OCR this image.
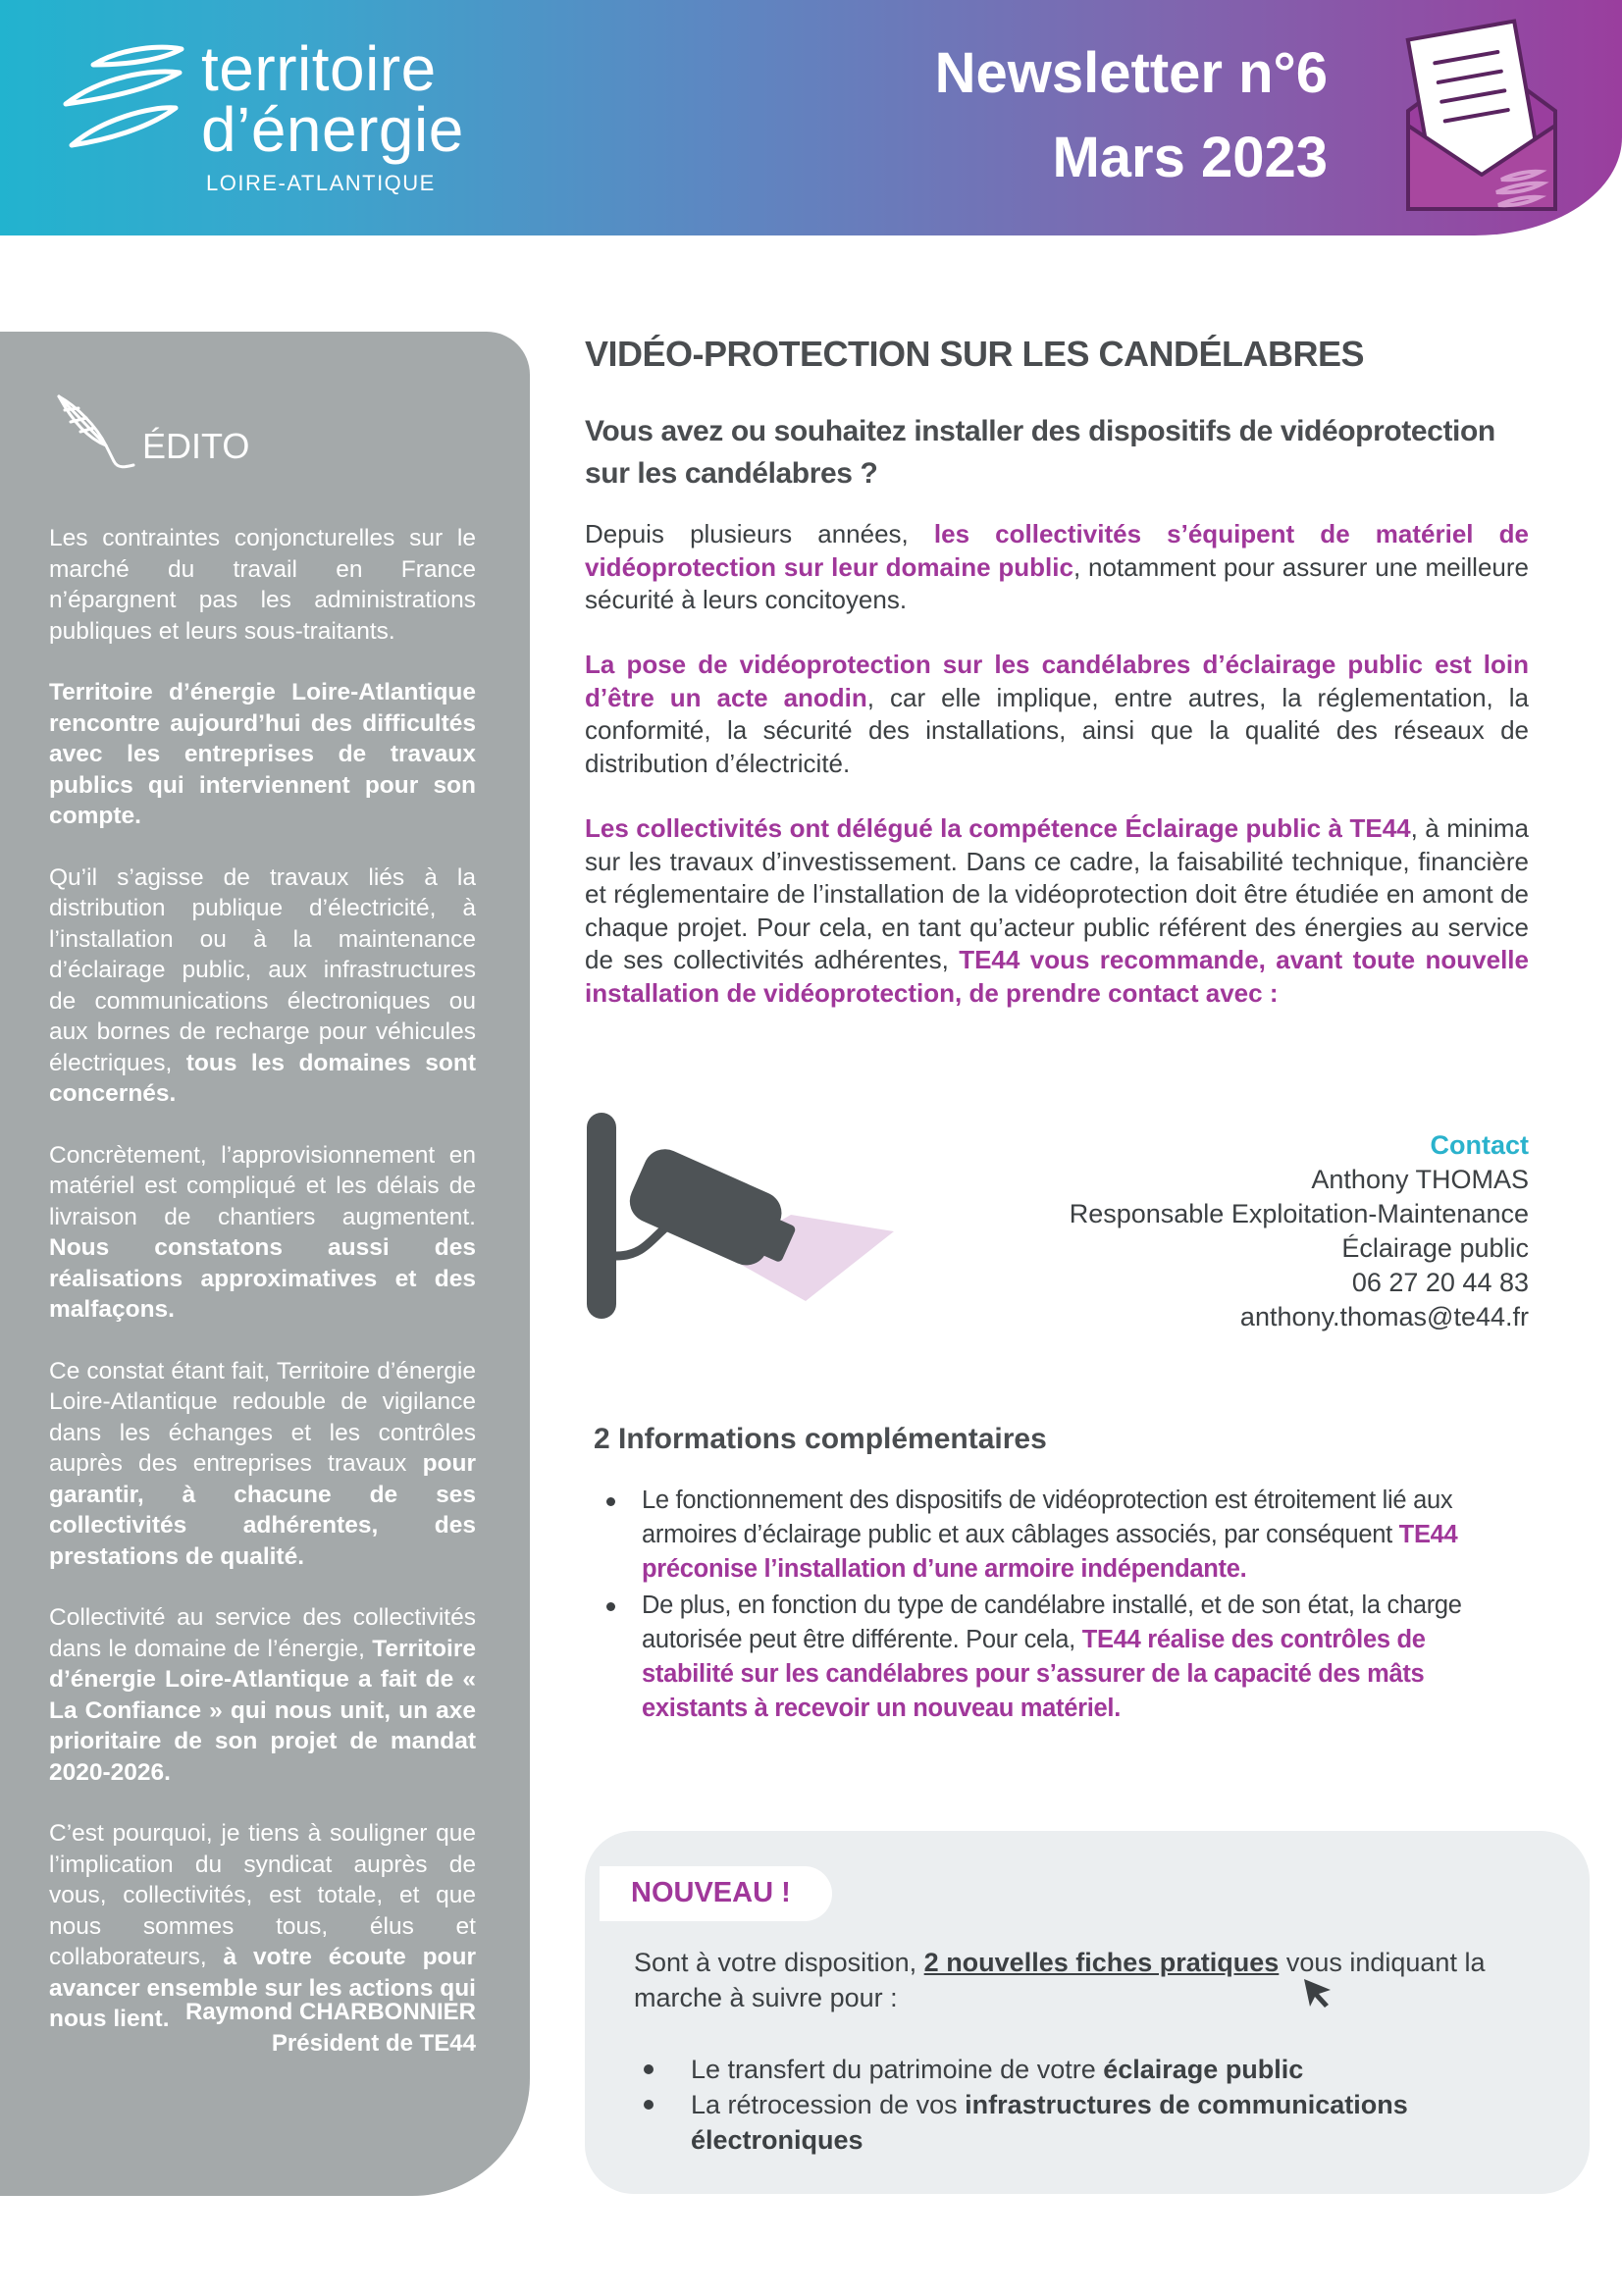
territoire
d’énergie
LOIRE-ATLANTIQUE
Newsletter n°6
Mars 2023
ÉDITO

Les contraintes conjoncturelles sur le marché du travail en France n’épargnent pas les administrations publiques et leurs sous-traitants.

Territoire d’énergie Loire-Atlantique rencontre aujourd’hui des difficultés avec les entreprises de travaux publics qui interviennent pour son compte.

Qu’il s’agisse de travaux liés à la distribution publique d’électricité, à l’installation ou à la maintenance d’éclairage public, aux infrastructures de communications électroniques ou aux bornes de recharge pour véhicules électriques, tous les domaines sont concernés.

Concrètement, l’approvisionnement en matériel est compliqué et les délais de livraison de chantiers augmentent. Nous constatons aussi des réalisations approximatives et des malfaçons.

Ce constat étant fait, Territoire d’énergie Loire-Atlantique redouble de vigilance dans les échanges et les contrôles auprès des entreprises travaux pour garantir, à chacune de ses collectivités adhérentes, des prestations de qualité.

Collectivité au service des collectivités dans le domaine de l’énergie, Territoire d’énergie Loire-Atlantique a fait de « La Confiance » qui nous unit, un axe prioritaire de son projet de mandat 2020-2026.

C’est pourquoi, je tiens à souligner que l’implication du syndicat auprès de vous, collectivités, est totale, et que nous sommes tous, élus et collaborateurs, à votre écoute pour avancer ensemble sur les actions qui nous lient. Raymond CHARBONNIER
Président de TE44
VIDÉO-PROTECTION SUR LES CANDÉLABRES
Vous avez ou souhaitez installer des dispositifs de vidéoprotection sur les candélabres ?
Depuis plusieurs années, les collectivités s’équipent de matériel de vidéoprotection sur leur domaine public, notamment pour assurer une meilleure sécurité à leurs concitoyens.
La pose de vidéoprotection sur les candélabres d’éclairage public est loin d’être un acte anodin, car elle implique, entre autres, la réglementation, la conformité, la sécurité des installations, ainsi que la qualité des réseaux de distribution d’électricité.
Les collectivités ont délégué la compétence Éclairage public à TE44, à minima sur les travaux d’investissement. Dans ce cadre, la faisabilité technique, financière et réglementaire de l’installation de la vidéoprotection doit être étudiée en amont de chaque projet. Pour cela, en tant qu’acteur public référent des énergies au service de ses collectivités adhérentes, TE44 vous recommande, avant toute nouvelle installation de vidéoprotection, de prendre contact avec :
Contact
Anthony THOMAS
Responsable Exploitation-Maintenance
Éclairage public
06 27 20 44 83
anthony.thomas@te44.fr
2 Informations complémentaires
Le fonctionnement des dispositifs de vidéoprotection est étroitement lié aux armoires d’éclairage public et aux câblages associés, par conséquent TE44 préconise l’installation d’une armoire indépendante.
De plus, en fonction du type de candélabre installé, et de son état, la charge autorisée peut être différente. Pour cela, TE44 réalise des contrôles de stabilité sur les candélabres pour s’assurer de la capacité des mâts existants à recevoir un nouveau matériel.
NOUVEAU !
Sont à votre disposition, 2 nouvelles fiches pratiques vous indiquant la marche à suivre pour :
Le transfert du patrimoine de votre éclairage public
La rétrocession de vos infrastructures de communications électroniques
